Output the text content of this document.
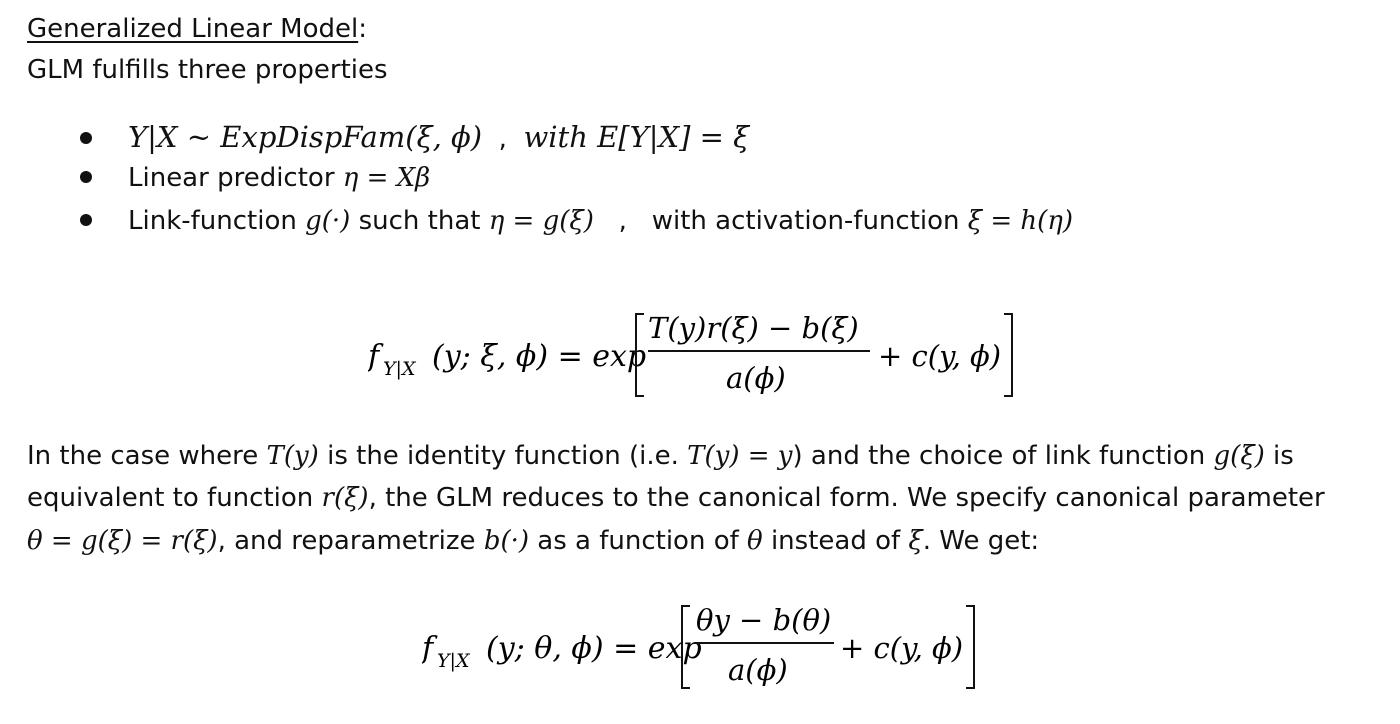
Generalized Linear Model:
GLM fulfills three properties
Y|X ~ ExpDispFam(ξ, ϕ)  ,  with E[Y|X] = ξ
Linear predictor η = Xβ
Link-function g(·) such that η = g(ξ)   ,   with activation-function ξ = h(η)
f Y|X (y; ξ, ϕ) = exp
T(y)r(ξ) − b(ξ)
a(ϕ)
+ c(y, ϕ)
In the case where T(y) is the identity function (i.e. T(y) = y) and the choice of link function g(ξ) is
equivalent to function r(ξ), the GLM reduces to the canonical form. We specify canonical parameter
θ = g(ξ) = r(ξ), and reparametrize b(·) as a function of θ instead of ξ. We get:
f Y|X (y; θ, ϕ) = exp
θy − b(θ)
a(ϕ)
+ c(y, ϕ)
